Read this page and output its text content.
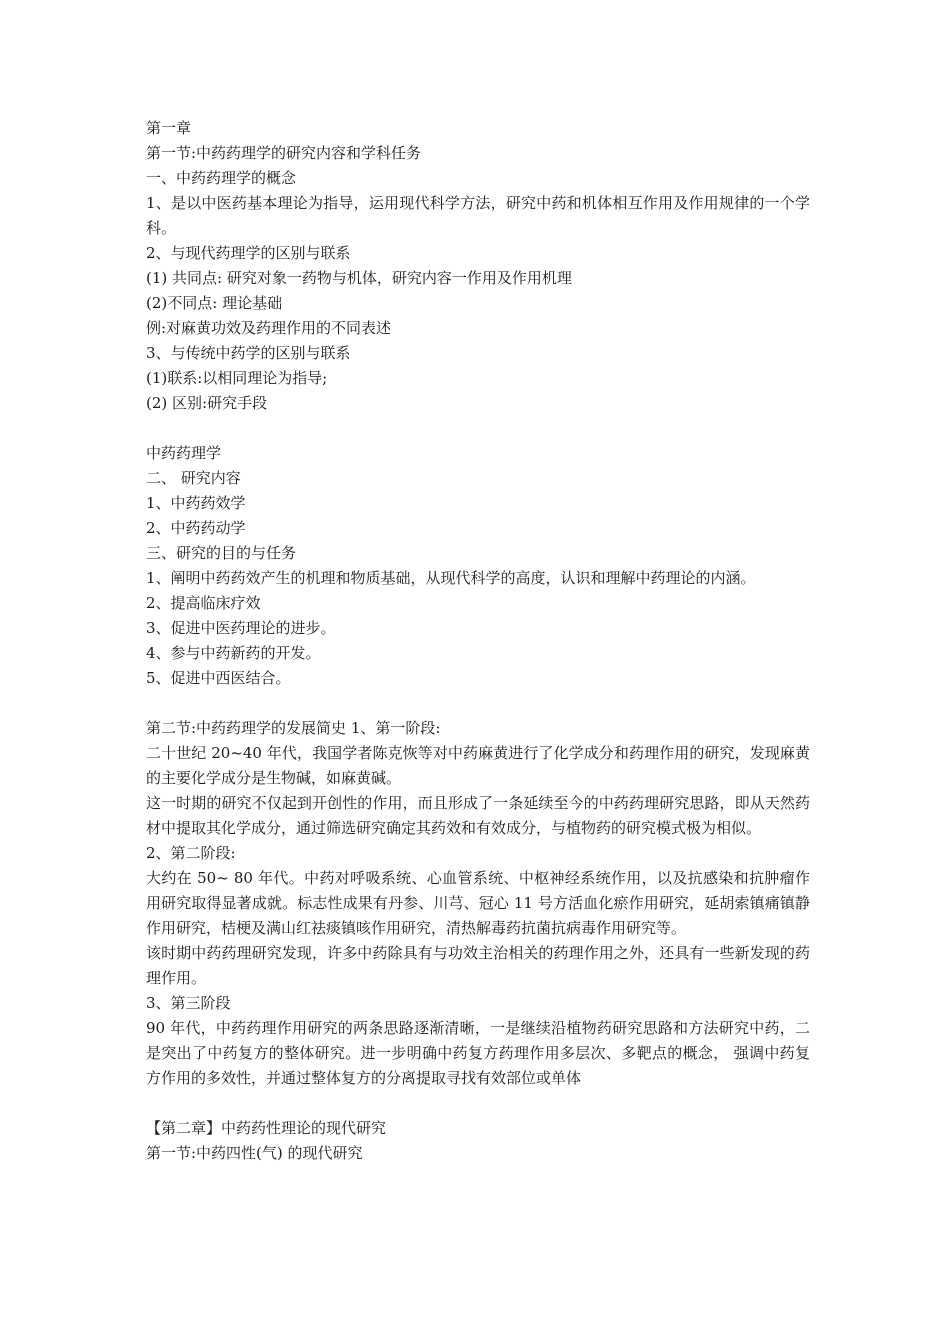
第一章

第一节:中药药理学的研究内容和学科任务

一、中药药理学的概念

1、是以中医药基本理论为指导，运用现代科学方法，研究中药和机体相互作用及作用规律的一个学科。

2、与现代药理学的区别与联系

(1) 共同点: 研究对象一药物与机体，研究内容一作用及作用机理

(2)不同点: 理论基础

例:对麻黄功效及药理作用的不同表述

3、与传统中药学的区别与联系

(1)联系:以相同理论为指导;

(2) 区别:研究手段

中药药理学

二、 研究内容

1、中药药效学

2、中药药动学

三、研究的目的与任务

1、阐明中药药效产生的机理和物质基础，从现代科学的高度，认识和理解中药理论的内涵。

2、提高临床疗效

3、促进中医药理论的进步。

4、参与中药新药的开发。

5、促进中西医结合。

第二节:中药药理学的发展简史 1、第一阶段:

二十世纪 20~40 年代，我国学者陈克恢等对中药麻黄进行了化学成分和药理作用的研究，发现麻黄的主要化学成分是生物碱，如麻黄碱。

这一时期的研究不仅起到开创性的作用，而且形成了一条延续至今的中药药理研究思路，即从天然药材中提取其化学成分，通过筛选研究确定其药效和有效成分，与植物药的研究模式极为相似。

2、第二阶段:

大约在 50~ 80 年代。中药对呼吸系统、心血管系统、中枢神经系统作用，以及抗感染和抗肿瘤作用研究取得显著成就。标志性成果有丹参、川芎、冠心 11 号方活血化瘀作用研究，延胡索镇痛镇静作用研究，桔梗及满山红祛痰镇咳作用研究，清热解毒药抗菌抗病毒作用研究等。

该时期中药药理研究发现，许多中药除具有与功效主治相关的药理作用之外，还具有一些新发现的药理作用。

3、第三阶段

90 年代，中药药理作用研究的两条思路逐渐清晰，一是继续沿植物药研究思路和方法研究中药，二是突出了中药复方的整体研究。进一步明确中药复方药理作用多层次、多靶点的概念， 强调中药复方作用的多效性，并通过整体复方的分离提取寻找有效部位或单体

【第二章】中药药性理论的现代研究

第一节:中药四性(气) 的现代研究
